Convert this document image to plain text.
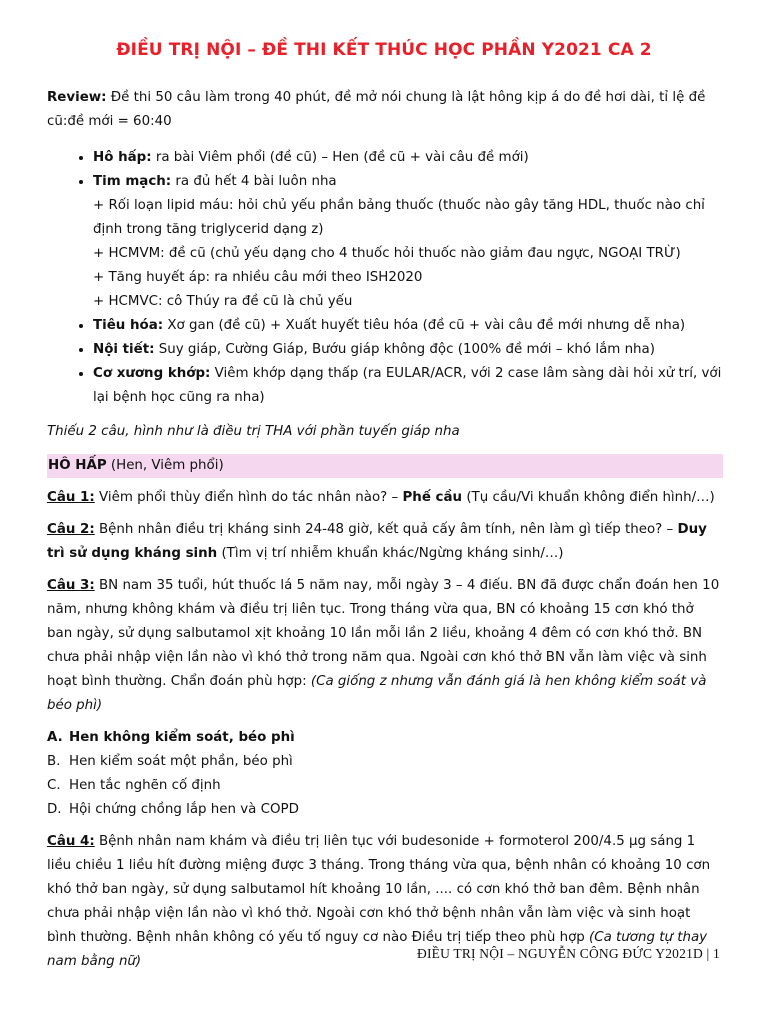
ĐIỀU TRỊ NỘI – ĐỀ THI KẾT THÚC HỌC PHẦN Y2021 CA 2

Review: Đề thi 50 câu làm trong 40 phút, đề mở nói chung là lật hông kịp á do đề hơi dài, tỉ lệ đề cũ:đề mới = 60:40

• Hô hấp: ra bài Viêm phổi (đề cũ) – Hen (đề cũ + vài câu đề mới)
• Tim mạch: ra đủ hết 4 bài luôn nha
+ Rối loạn lipid máu: hỏi chủ yếu phần bảng thuốc (thuốc nào gây tăng HDL, thuốc nào chỉ định trong tăng triglycerid dạng z)
+ HCMVM: đề cũ (chủ yếu dạng cho 4 thuốc hỏi thuốc nào giảm đau ngực, NGOẠI TRỪ)
+ Tăng huyết áp: ra nhiều câu mới theo ISH2020
+ HCMVC: cô Thúy ra đề cũ là chủ yếu
• Tiêu hóa: Xơ gan (đề cũ) + Xuất huyết tiêu hóa (đề cũ + vài câu đề mới nhưng dễ nha)
• Nội tiết: Suy giáp, Cường Giáp, Bướu giáp không độc (100% đề mới – khó lắm nha)
• Cơ xương khớp: Viêm khớp dạng thấp (ra EULAR/ACR, với 2 case lâm sàng dài hỏi xử trí, với lại bệnh học cũng ra nha)

Thiếu 2 câu, hình như là điều trị THA với phần tuyến giáp nha

HÔ HẤP (Hen, Viêm phổi)

Câu 1: Viêm phổi thùy điển hình do tác nhân nào? – Phế cầu (Tụ cầu/Vi khuẩn không điển hình/…)

Câu 2: Bệnh nhân điều trị kháng sinh 24-48 giờ, kết quả cấy âm tính, nên làm gì tiếp theo? – Duy trì sử dụng kháng sinh (Tìm vị trí nhiễm khuẩn khác/Ngừng kháng sinh/…)

Câu 3: BN nam 35 tuổi, hút thuốc lá 5 năm nay, mỗi ngày 3 – 4 điếu. BN đã được chẩn đoán hen 10 năm, nhưng không khám và điều trị liên tục. Trong tháng vừa qua, BN có khoảng 15 cơn khó thở ban ngày, sử dụng salbutamol xịt khoảng 10 lần mỗi lần 2 liều, khoảng 4 đêm có cơn khó thở. BN chưa phải nhập viện lần nào vì khó thở trong năm qua. Ngoài cơn khó thở BN vẫn làm việc và sinh hoạt bình thường. Chẩn đoán phù hợp: (Ca giống z nhưng vẫn đánh giá là hen không kiểm soát và béo phì)

A. Hen không kiểm soát, béo phì
B. Hen kiểm soát một phần, béo phì
C. Hen tắc nghẽn cố định
D. Hội chứng chồng lắp hen và COPD

Câu 4: Bệnh nhân nam khám và điều trị liên tục với budesonide + formoterol 200/4.5 µg sáng 1 liều chiều 1 liều hít đường miệng được 3 tháng. Trong tháng vừa qua, bệnh nhân có khoảng 10 cơn khó thở ban ngày, sử dụng salbutamol hít khoảng 10 lần, .... có cơn khó thở ban đêm. Bệnh nhân chưa phải nhập viện lần nào vì khó thở. Ngoài cơn khó thở bệnh nhân vẫn làm việc và sinh hoạt bình thường. Bệnh nhân không có yếu tố nguy cơ nào Điều trị tiếp theo phù hợp (Ca tương tự thay nam bằng nữ)

ĐIỀU TRỊ NỘI – NGUYỄN CÔNG ĐỨC Y2021D | 1
